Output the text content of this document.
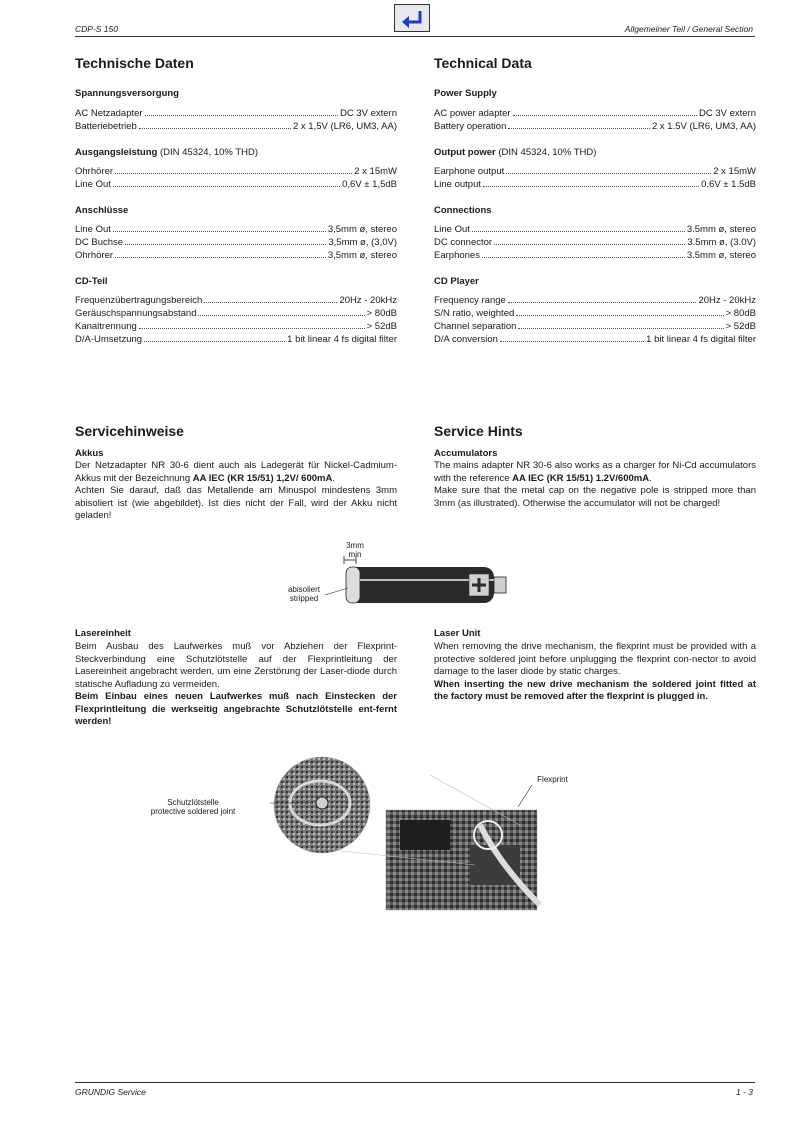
CDP-S 150	Allgemeiner Teil / General Section
Technische Daten
Spannungsversorgung
AC Netzadapter	DC 3V extern
Batteriebetrieb	2 x 1,5V (LR6, UM3, AA)
Ausgangsleistung (DIN 45324, 10% THD)
Ohrhörer	2 x 15mW
Line Out	0,6V ± 1,5dB
Anschlüsse
Line Out	3,5mm ø, stereo
DC Buchse	3,5mm ø, (3,0V)
Ohrhörer	3,5mm ø, stereo
CD-Teil
Frequenzübertragungsbereich	20Hz - 20kHz
Geräuschspannungsabstand	> 80dB
Kanaltrennung	> 52dB
D/A-Umsetzung	1 bit linear 4 fs digital filter
Technical Data
Power Supply
AC power adapter	DC 3V extern
Battery operation	2 x 1.5V (LR6, UM3, AA)
Output power (DIN 45324, 10% THD)
Earphone output	2 x 15mW
Line output	0.6V ± 1.5dB
Connections
Line Out	3.5mm ø, stereo
DC connector	3.5mm ø, (3.0V)
Earphones	3.5mm ø, stereo
CD Player
Frequency range	20Hz - 20kHz
S/N ratio, weighted	> 80dB
Channel separation	> 52dB
D/A conversion	1 bit linear 4 fs digital filter
Servicehinweise	Service Hints
Akkus
Der Netzadapter NR 30-6 dient auch als Ladegerät für Nickel-Cadmium-Akkus mit der Bezeichnung AA IEC (KR 15/51) 1,2V/ 600mA.
Achten Sie darauf, daß das Metallende am Minuspol mindestens 3mm abisoliert ist (wie abgebildet). Ist dies nicht der Fall, wird der Akku nicht geladen!
Accumulators
The mains adapter NR 30-6 also works as a charger for Ni-Cd accumulators with the reference AA IEC (KR 15/51) 1.2V/600mA.
Make sure that the metal cap on the negative pole is stripped more than 3mm (as illustrated). Otherwise the accumulator will not be charged!
3mm
min
abisoliert
stripped
Lasereinheit
Beim Ausbau des Laufwerkes muß vor Abziehen der Flexprint-Steckverbindung eine Schutzlötstelle auf der Flexprintleitung der Lasereinheit angebracht werden, um eine Zerstörung der Laser-diode durch statische Aufladung zu vermeiden.
Beim Einbau eines neuen Laufwerkes muß nach Einstecken der Flexprintleitung die werkseitig angebrachte Schutzlötstelle ent-fernt werden!
Laser Unit
When removing the drive mechanism, the flexprint must be provided with a protective soldered joint before unplugging the flexprint con-nector to avoid damage to the laser diode by static charges.
When inserting the new drive mechanism the soldered joint fitted at the factory must be removed after the flexprint is plugged in.
Schutzlötstelle
protective soldered joint
Flexprint
GRUNDIG Service	1 - 3
